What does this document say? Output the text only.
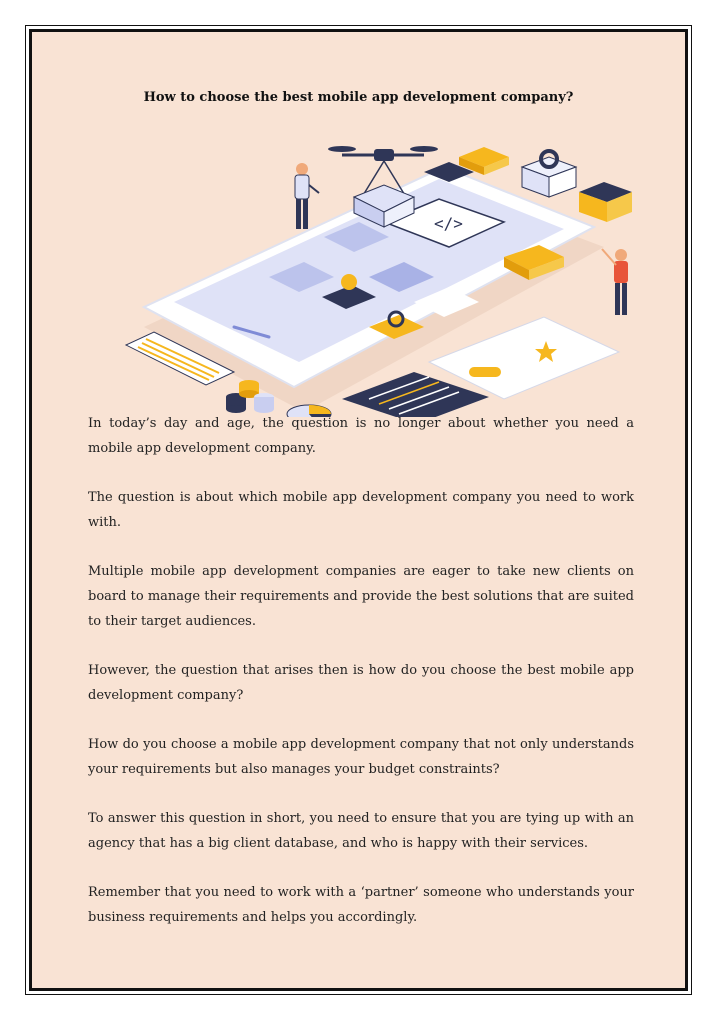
How to choose the best mobile app development company?
</>

In today’s day and age, the question is no longer about whether you need a mobile app development company.

The question is about which mobile app development company you need to work with.

Multiple mobile app development companies are eager to take new clients on board to manage their requirements and provide the best solutions that are suited to their target audiences.

However, the question that arises then is how do you choose the best mobile app development company?

How do you choose a mobile app development company that not only understands your requirements but also manages your budget constraints?

To answer this question in short, you need to ensure that you are tying up with an agency that has a big client database, and who is happy with their services.

Remember that you need to work with a ‘partner’ someone who understands your business requirements and helps you accordingly.
